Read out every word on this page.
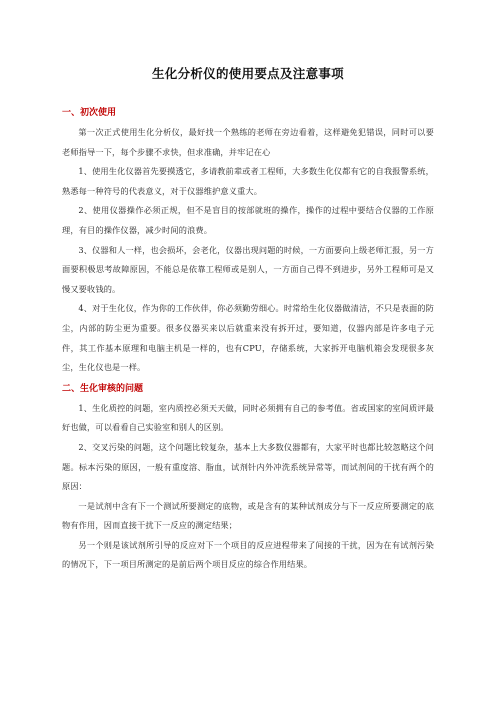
生化分析仪的使用要点及注意事项
一、初次使用

第一次正式使用生化分析仪，最好找一个熟练的老师在旁边看着，这样避免犯错误，同时可以要老师指导一下，每个步骤不求快，但求准确，并牢记在心

1、使用生化仪器首先要摸透它，多请教前辈或者工程师，大多数生化仪都有它的自我报警系统，熟悉每一种符号的代表意义，对于仪器维护意义重大。

2、使用仪器操作必须正规，但不是盲目的按部就班的操作，操作的过程中要结合仪器的工作原理，有目的操作仪器，减少时间的浪费。

3、仪器和人一样，也会损坏，会老化，仪器出现问题的时候，一方面要向上级老师汇报，另一方面要积极思考故障原因，不能总是依靠工程师或是别人，一方面自己得不到进步，另外工程师可是又慢又要收钱的。

4、对于生化仪，作为你的工作伙伴，你必须勤劳细心。时常给生化仪器做清洁，不只是表面的防尘，内部的防尘更为重要。很多仪器买来以后就重来没有拆开过，要知道，仪器内部是许多电子元件，其工作基本原理和电脑主机是一样的，也有CPU，存储系统，大家拆开电脑机箱会发现很多灰尘，生化仪也是一样。

二、生化审核的问题

1、生化质控的问题，室内质控必须天天做，同时必须拥有自己的参考值。省或国家的室间质评最好也做，可以看看自己实验室和别人的区别。

2、交叉污染的问题，这个问题比较复杂，基本上大多数仪器都有，大家平时也都比较忽略这个问题。标本污染的原因，一般有重度溶、脂血，试剂针内外冲洗系统异常等，而试剂间的干扰有两个的原因：

一是试剂中含有下一个测试所要测定的底物，或是含有的某种试剂成分与下一反应所要测定的底物有作用，因而直接干扰下一反应的测定结果；

另一个则是该试剂所引导的反应对下一个项目的反应进程带来了间接的干扰，因为在有试剂污染的情况下，下一项目所测定的是前后两个项目反应的综合作用结果。
